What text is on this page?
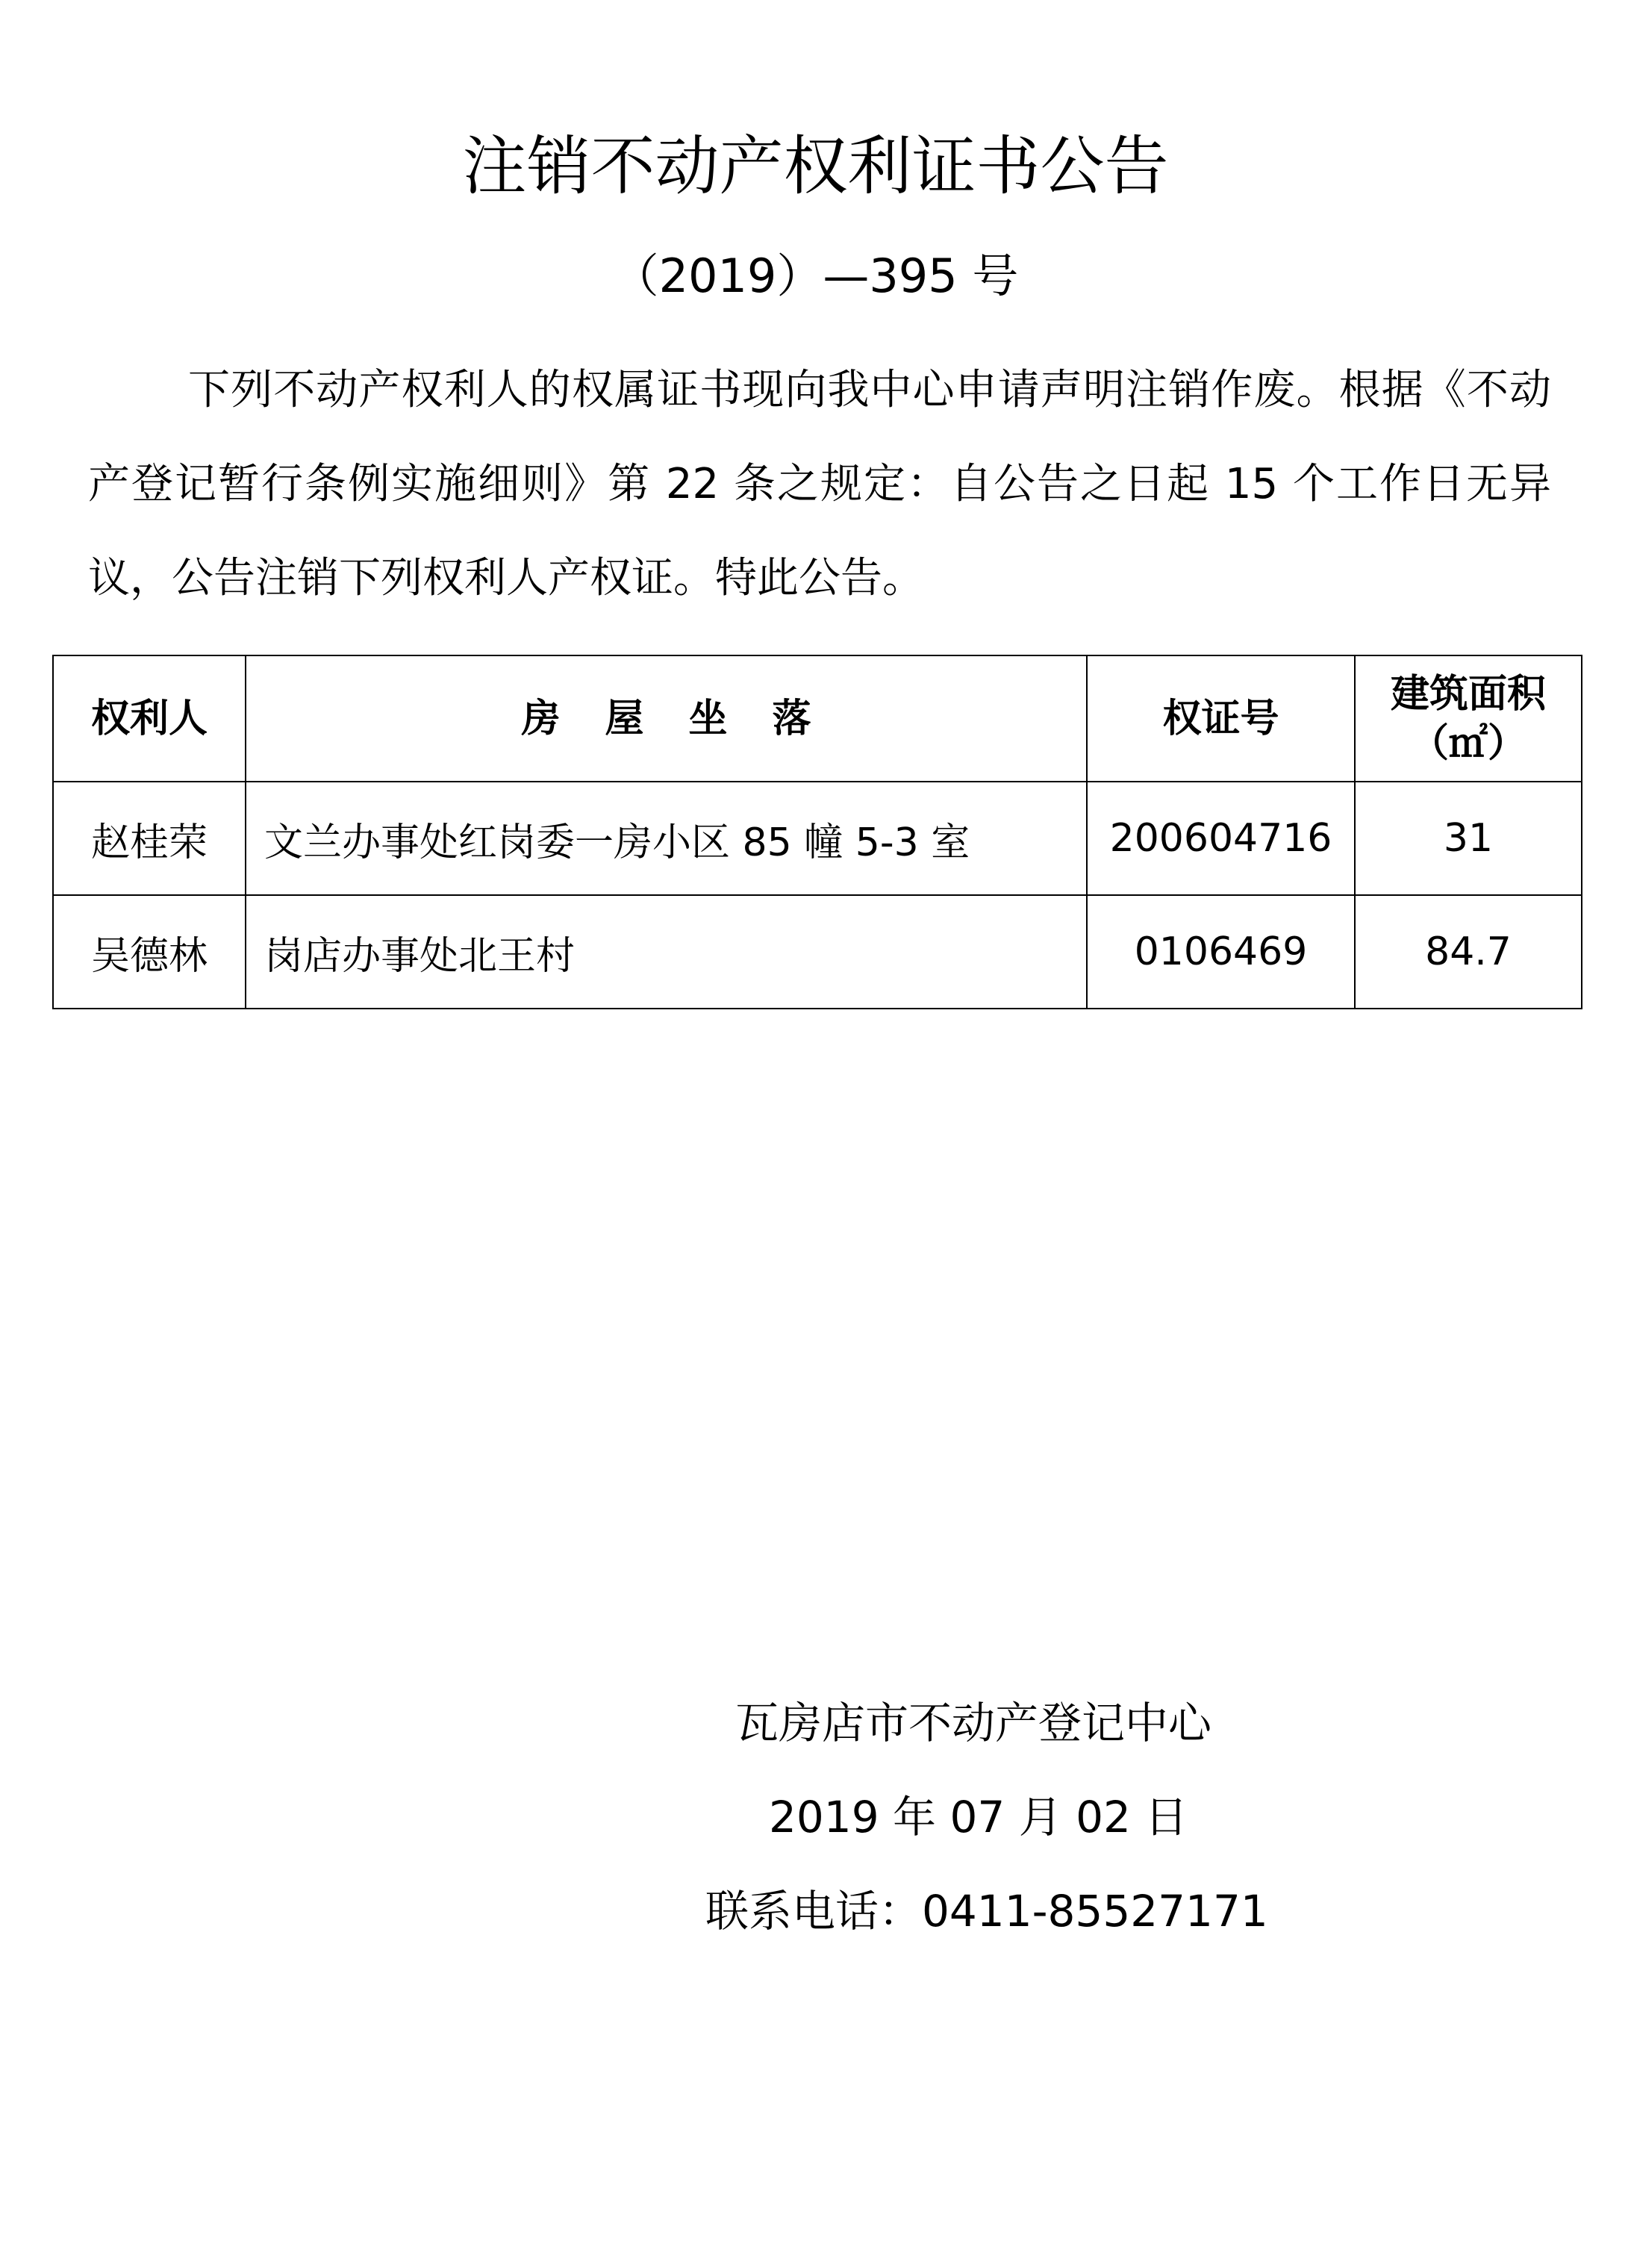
注销不动产权利证书公告
（2019）—395 号

下列不动产权利人的权属证书现向我中心申请声明注销作废。根据《不动产登记暂行条例实施细则》第 22 条之规定：自公告之日起 15 个工作日无异议，公告注销下列权利人产权证。特此公告。

权利人	房屋坐落	权证号	建筑面积
（㎡）

赵桂荣	文兰办事处红岗委一房小区 85 幢 5-3 室	200604716	31
吴德林	岗店办事处北王村	0106469	84.7
瓦房店市不动产登记中心
2019 年 07 月 02 日
联系电话：0411-85527171
